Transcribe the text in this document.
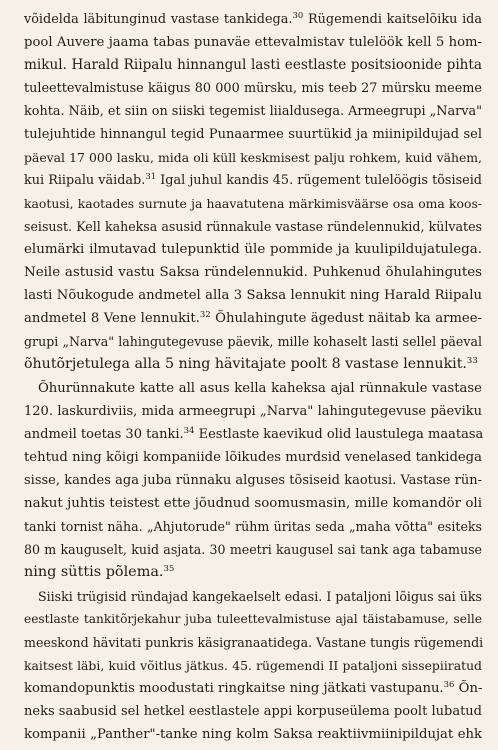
võidelda läbitunginud vastase tankidega.$^{30}$ Rügemendi kaitselõiku ida
pool Auvere jaama tabas punaväe ettevalmistav tulelöök kell 5 hom-
mikul. Harald Riipalu hinnangul lasti eestlaste positsioonide pihta
tuleettevalmistuse käigus 80 000 mürsku, mis teeb 27 mürsku meeme
kohta. Näib, et siin on siiski tegemist liialdusega. Armeegrupi „Narva"
tulejuhtide hinnangul tegid Punaarmee suurtükid ja miinipildujad sel
päeval 17 000 lasku, mida oli küll keskmisest palju rohkem, kuid vähem,
kui Riipalu väidab.$^{31}$ Igal juhul kandis 45. rügement tulelöögis tõsiseid
kaotusi, kaotades surnute ja haavatutena märkimisväärse osa oma koos-
seisust. Kell kaheksa asusid rünnakule vastase ründelennukid, külvates
elumärki ilmutavad tulepunktid üle pommide ja kuulipildujatulega.
Neile astusid vastu Saksa ründelennukid. Puhkenud õhulahingutes
lasti Nõukogude andmetel alla 3 Saksa lennukit ning Harald Riipalu
andmetel 8 Vene lennukit.$^{32}$ Õhulahingute ägedust näitab ka armee-
grupi „Narva" lahingutegevuse päevik, mille kohaselt lasti sellel päeval
õhutõrjetulega alla 5 ning hävitajate poolt 8 vastase lennukit.$^{33}$
Õhurünnakute katte all asus kella kaheksa ajal rünnakule vastase
120. laskurdiviis, mida armeegrupi „Narva" lahingutegevuse päeviku
andmeil toetas 30 tanki.$^{34}$ Eestlaste kaevikud olid laustulega maatasa
tehtud ning kõigi kompaniide lõikudes murdsid venelased tankidega
sisse, kandes aga juba rünnaku alguses tõsiseid kaotusi. Vastase rün-
nakut juhtis teistest ette jõudnud soomusmasin, mille komandör oli
tanki tornist näha. „Ahjutorude" rühm üritas seda „maha võtta" esiteks
80 m kauguselt, kuid asjata. 30 meetri kaugusel sai tank aga tabamuse
ning süttis põlema.$^{35}$
Siiski trügisid ründajad kangekaelselt edasi. I pataljoni lõigus sai üks
eestlaste tankitõrjekahur juba tuleettevalmistuse ajal täistabamuse, selle
meeskond hävitati punkris käsigranaatidega. Vastane tungis rügemendi
kaitsest läbi, kuid võitlus jätkus. 45. rügemendi II pataljoni sissepiiratud
komandopunktis moodustati ringkaitse ning jätkati vastupanu.$^{36}$ Õn-
neks saabusid sel hetkel eestlastele appi korpuseülema poolt lubatud
kompanii „Panther"-tanke ning kolm Saksa reaktiivmiinipildujat ehk
